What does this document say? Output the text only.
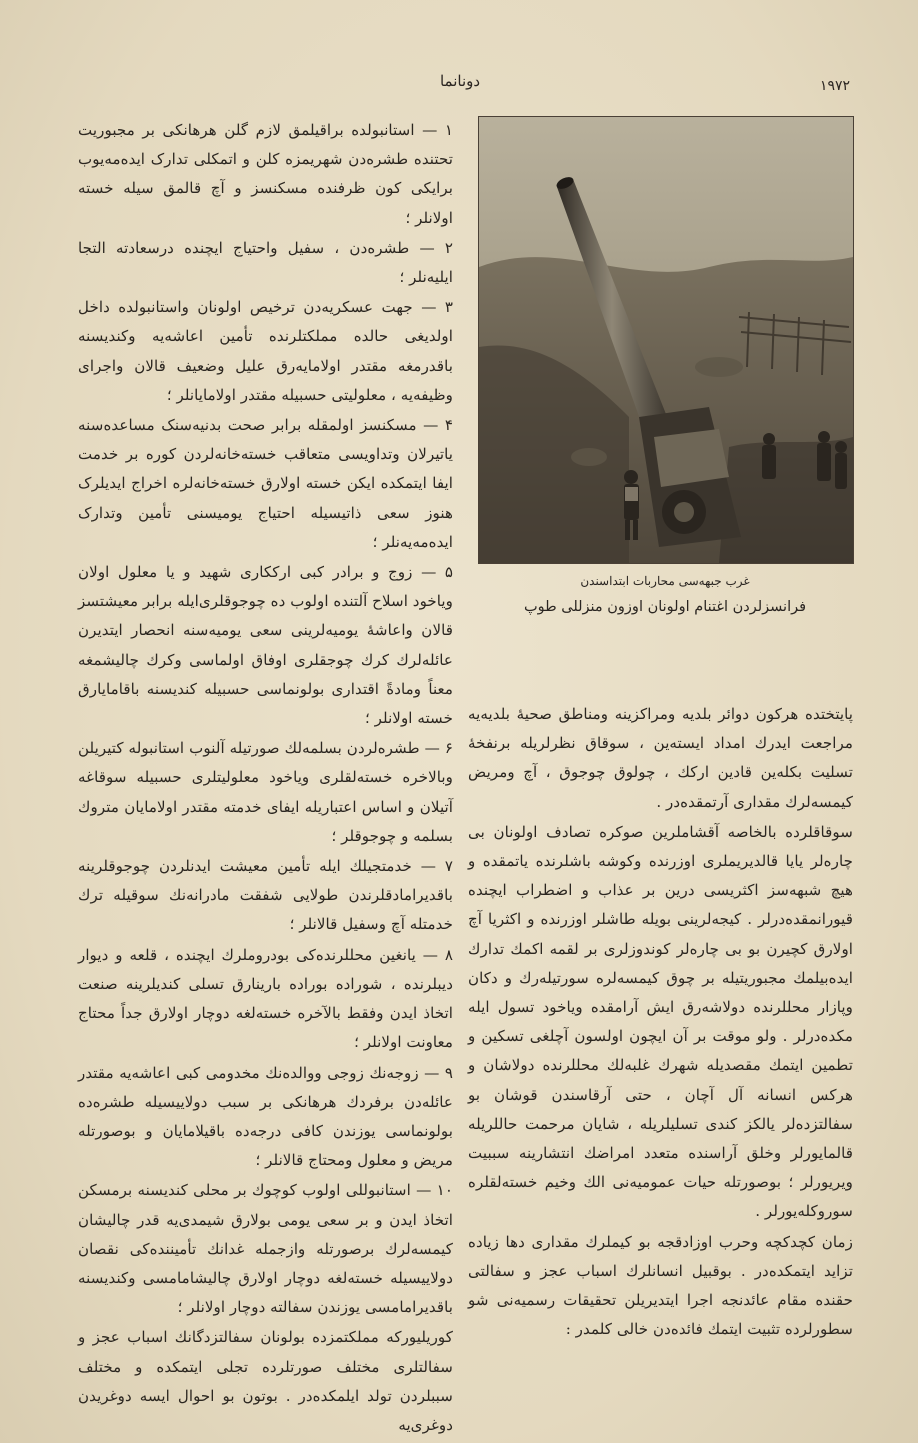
دونانما	۱۹۷۲
غرب جبهه‌سی محاربات ابتداسندن
فرانسزلردن اغتنام اولونان اوزون منزللی طوپ

۱ — استانبولده براقیلمق لازم گلن هرهانکی بر مجبوریت تحتنده طشره‌دن شهریمزه کلن و اتمکلی تدارک ایده‌مه‌یوب برایکی کون ظرفنده مسکنسز و آچ قالمق سیله خسته اولانلر ؛

۲ — طشره‌دن ، سفیل واحتیاج ایچنده درسعادته التجا ایلیه‌نلر ؛

۳ — جهت عسکریه‌دن ترخیص اولونان واستانبولده داخل اولدیغی حالده مملکتلرنده تأمین اعاشه‌یه وکندیسنه باقدرمغه مقتدر اولامایه‌رق علیل وضعیف قالان واجرای وظیفه‌یه ، معلولیتی حسبیله مقتدر اولامایانلر ؛

۴ — مسکنسز اولمقله برابر صحت بدنیه‌سنک مساعده‌سنه یاتیرلان وتداویسی متعاقب خسته‌خانه‌لردن کوره بر خدمت ایفا ایتمکده ایکن خسته اولارق خسته‌خانه‌لره اخراج ایدیلرک هنوز سعی ذاتیسیله احتیاج یومیسنی تأمین وتدارک ایده‌مه‌یه‌نلر ؛

۵ — زوج و برادر کبی ارککاری شهید و یا معلول اولان ویاخود اسلاح آلتنده اولوب ده چوجوقلری‌ایله برابر معیشتسز قالان واعاشهٔ یومیه‌لرینی سعی یومیه‌سنه انحصار ایتدیرن عائله‌لرك کرك چوجقلری اوفاق اولماسی وکرك چالیشمغه معناً ومادةً اقتداری بولونماسی حسبیله کندیسنه باقامایارق خسته اولانلر ؛

۶ — طشره‌لردن بسلمه‌لك صورتیله آلنوب استانبوله کتیریلن وبالاخره خسته‌لقلری ویاخود معلولیتلری حسبیله سوقاغه آتیلان و اساس اعتباریله ایفای خدمته مقتدر اولامایان متروك بسلمه و چوجوقلر ؛

۷ — خدمتجیلك ایله تأمین معیشت ایدنلردن چوجوقلرینه باقدیرامادقلرندن طولایی شفقت مادرانه‌نك سوقیله ترك خدمتله آچ وسفیل قالانلر ؛

۸ — یانغین محللرنده‌کی بودروملرك ایچنده ، قلعه و دیوار دیبلرنده ، شوراده بوراده بارینارق تسلی کندیلرینه صنعت اتخاذ ایدن وفقط بالآخره خسته‌لغه دوچار اولارق جداً محتاج معاونت اولانلر ؛

۹ — زوجه‌نك زوجی ووالده‌نك مخدومی کبی اعاشه‌یه مقتدر عائله‌دن برفردك هرهانکی بر سبب دولاییسیله طشره‌ده بولونماسی یوزندن کافی درجه‌ده باقیلامایان و بوصورتله مریض و معلول ومحتاج قالانلر ؛

۱۰ — استانبوللی اولوب کوچوك بر محلی کندیسنه برمسکن اتخاذ ایدن و بر سعی یومی بولارق شیمدی‌یه قدر چالیشان کیمسه‌لرك برصورتله وازجمله غدانك تأمیننده‌کی نقصان دولاییسیله خسته‌لغه دوچار اولارق چالیشامامسی وکندیسنه باقدیرامامسی یوزندن سفالته دوچار اولانلر ؛

کوریلیورکه مملکتمزده بولونان سفالتزدگانك اسباب عجز و سفالتلری مختلف صورتلرده تجلی ایتمکده و مختلف سببلردن تولد ایلمکده‌در . بوتون بو احوال ایسه دوغریدن دوغری‌یه

پایتختده هرکون دوائر بلدیه ومراکزینه ومناطق صحیهٔ بلدیه‌یه مراجعت ایدرك امداد ایسته‌ین ، سوقاق نظرلریله برنفخهٔ تسلیت بکله‌ین قادین ارکك ، چولوق چوجوق ، آچ ومریض کیمسه‌لرك مقداری آرتمقده‌در .

سوقاقلرده بالخاصه آقشاملرین صوکره تصادف اولونان بی چاره‌لر یایا قالدیریملری اوزرنده وکوشه باشلرنده یاتمقده و هیچ شبهه‌سز اکثریسی درین بر عذاب و اضطراب ایچنده قیورانمقده‌درلر . کیجه‌لرینی بویله طاشلر اوزرنده و اکثریا آچ اولارق کچیرن بو بی چاره‌لر کوندوزلری بر لقمه اکمك تدارك ایده‌بیلمك مجبوریتیله بر چوق کیمسه‌لره سورتیله‌رك و دکان وپازار محللرنده دولاشه‌رق ایش آرامقده ویاخود تسول ایله مکده‌درلر . ولو موقت بر آن ایچون اولسون آچلغی تسکین و تطمین ایتمك مقصدیله شهرك غلبه‌لك محللرنده دولاشان و هرکس انسانه آل آچان ، حتی آرقاسندن قوشان بو سفالتزده‌لر یالکز کندی تسلیلریله ، شایان مرحمت حاللریله قالمایورلر وخلق آراسنده متعدد امراضك انتشارینه سببیت ویریورلر ؛ بوصورتله حیات عمومیه‌نی الك وخیم خسته‌لقلره سوروکله‌یورلر .

زمان کچدکچه وحرب اوزادقجه بو کیملرك مقداری دها زیاده تزاید ایتمکده‌در . بوقبیل انسانلرك اسباب عجز و سفالتی حقنده مقام عائدنجه اجرا ایتدیریلن تحقیقات رسمیه‌نی شو سطورلرده تثبیت ایتمك فائده‌دن خالی کلمدر :
